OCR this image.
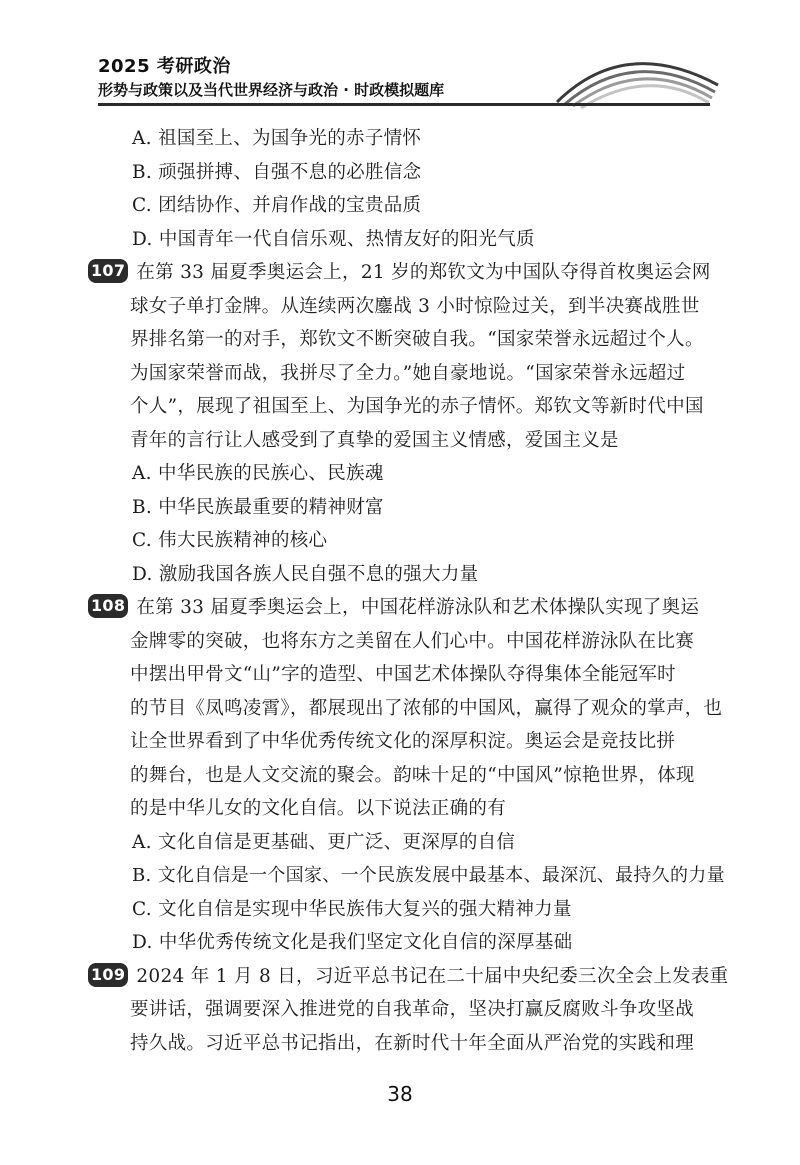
2025 考研政治
形势与政策以及当代世界经济与政治 · 时政模拟题库
A. 祖国至上、为国争光的赤子情怀
B. 顽强拼搏、自强不息的必胜信念
C. 团结协作、并肩作战的宝贵品质
D. 中国青年一代自信乐观、热情友好的阳光气质
107 在第 33 届夏季奥运会上，21 岁的郑钦文为中国队夺得首枚奥运会网
球女子单打金牌。从连续两次鏖战 3 小时惊险过关，到半决赛战胜世
界排名第一的对手，郑钦文不断突破自我。“国家荣誉永远超过个人。
为国家荣誉而战，我拼尽了全力。”她自豪地说。“国家荣誉永远超过
个人”，展现了祖国至上、为国争光的赤子情怀。郑钦文等新时代中国
青年的言行让人感受到了真挚的爱国主义情感，爱国主义是
A. 中华民族的民族心、民族魂
B. 中华民族最重要的精神财富
C. 伟大民族精神的核心
D. 激励我国各族人民自强不息的强大力量
108 在第 33 届夏季奥运会上，中国花样游泳队和艺术体操队实现了奥运
金牌零的突破，也将东方之美留在人们心中。中国花样游泳队在比赛
中摆出甲骨文“山”字的造型、中国艺术体操队夺得集体全能冠军时
的节目《凤鸣凌霄》，都展现出了浓郁的中国风，赢得了观众的掌声，也
让全世界看到了中华优秀传统文化的深厚积淀。奥运会是竞技比拼
的舞台，也是人文交流的聚会。韵味十足的“中国风”惊艳世界，体现
的是中华儿女的文化自信。以下说法正确的有
A. 文化自信是更基础、更广泛、更深厚的自信
B. 文化自信是一个国家、一个民族发展中最基本、最深沉、最持久的力量
C. 文化自信是实现中华民族伟大复兴的强大精神力量
D. 中华优秀传统文化是我们坚定文化自信的深厚基础
109 2024 年 1 月 8 日，习近平总书记在二十届中央纪委三次全会上发表重
要讲话，强调要深入推进党的自我革命，坚决打赢反腐败斗争攻坚战
持久战。习近平总书记指出，在新时代十年全面从严治党的实践和理
38
